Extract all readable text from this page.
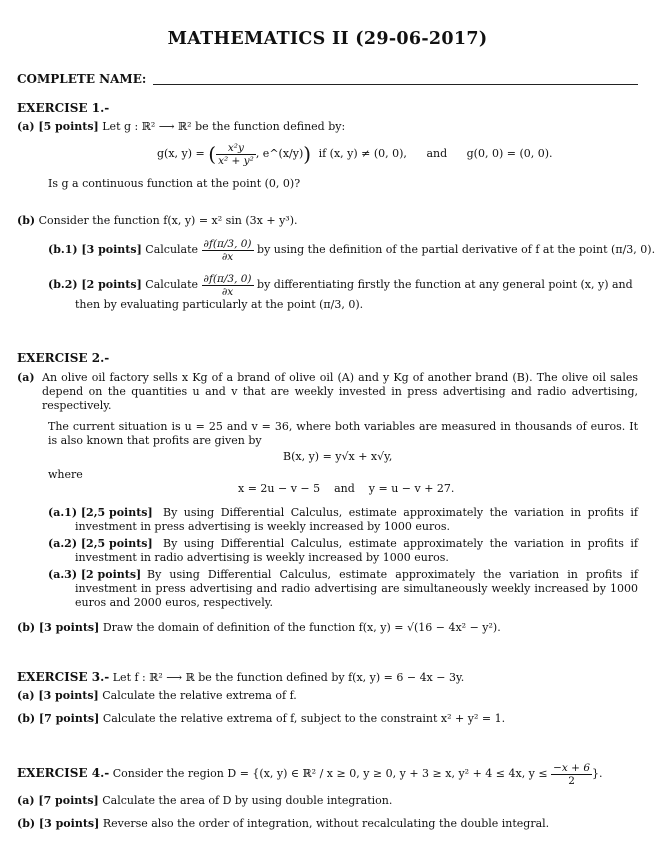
MATHEMATICS II (29-06-2017)
COMPLETE NAME:
EXERCISE 1.-
(a) [5 points] Let g : ℝ² ⟶ ℝ² be the function defined by:
g(x, y) = ( $\frac{\text{x²y}}{\text{x² + y²}}$ , e^(x/y)) if (x, y) ≠ (0, 0), and g(0, 0) = (0, 0).
Is g a continuous function at the point (0, 0)?
(b) Consider the function f(x, y) = x² sin (3x + y³).
(b.1) [3 points] Calculate $\frac{\partial f(\pi/3, 0)}{\partial x}$ by using the definition of the partial derivative of f at the point (π/3, 0).
(b.2) [2 points] Calculate $\frac{\partial f(\pi/3, 0)}{\partial x}$ by differentiating firstly the function at any general point (x, y) and
then by evaluating particularly at the point (π/3, 0).
EXERCISE 2.-
(a) An olive oil factory sells x Kg of a brand of olive oil (A) and y Kg of another brand (B). The olive oil sales depend on the quantities u and v that are weekly invested in press advertising and radio advertising, respectively.
The current situation is u = 25 and v = 36, where both variables are measured in thousands of euros. It is also known that profits are given by
B(x, y) = y√x + x√y,
where
x = 2u − v − 5    and    y = u − v + 27.
(a.1) [2,5 points] By using Differential Calculus, estimate approximately the variation in profits if investment in press advertising is weekly increased by 1000 euros.
(a.2) [2,5 points] By using Differential Calculus, estimate approximately the variation in profits if investment in radio advertising is weekly increased by 1000 euros.
(a.3) [2 points] By using Differential Calculus, estimate approximately the variation in profits if investment in press advertising and radio advertising are simultaneously weekly increased by 1000 euros and 2000 euros, respectively.
(b) [3 points] Draw the domain of definition of the function f(x, y) = √(16 − 4x² − y²).
EXERCISE 3.- Let f : ℝ² ⟶ ℝ be the function defined by f(x, y) = 6 − 4x − 3y.
(a) [3 points] Calculate the relative extrema of f.
(b) [7 points] Calculate the relative extrema of f, subject to the constraint x² + y² = 1.
EXERCISE 4.- Consider the region D = {(x, y) ∈ ℝ² / x ≥ 0, y ≥ 0, y + 3 ≥ x, y² + 4 ≤ 4x, $y \le \frac{-x + 6}{2}$ }.
(a) [7 points] Calculate the area of D by using double integration.
(b) [3 points] Reverse also the order of integration, without recalculating the double integral.
